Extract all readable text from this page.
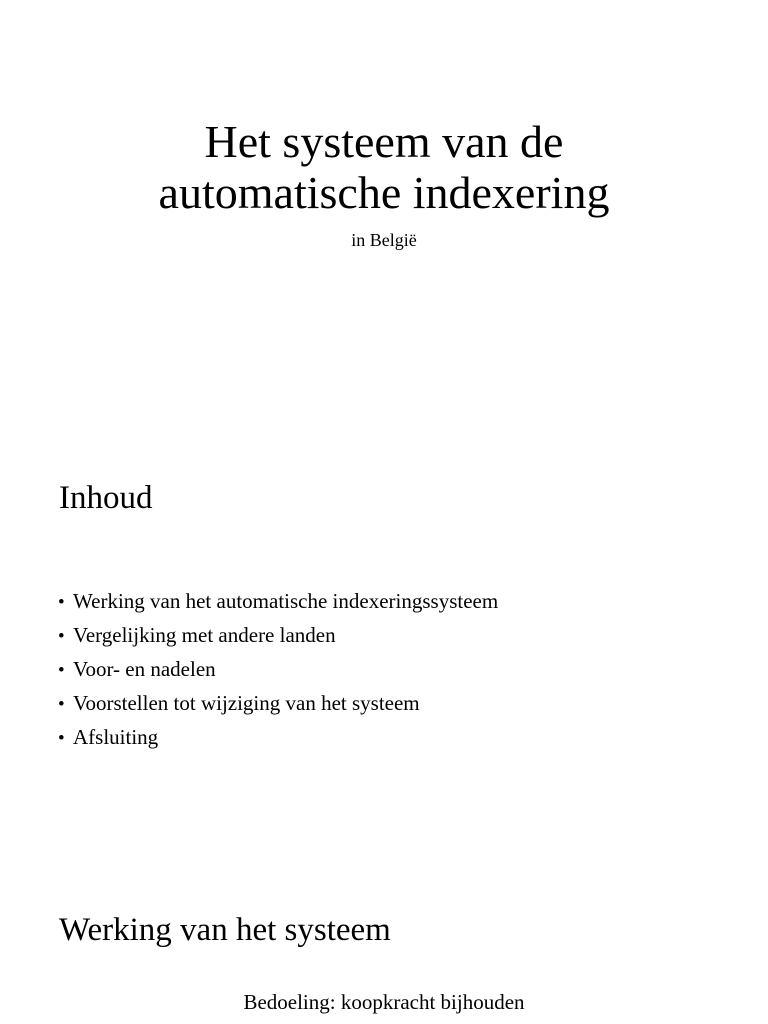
Het systeem van de
automatische indexering

in België

Inhoud
• Werking van het automatische indexeringssysteem
• Vergelijking met andere landen
• Voor- en nadelen
• Voorstellen tot wijziging van het systeem
• Afsluiting
Werking van het systeem

Bedoeling: koopkracht bijhouden
